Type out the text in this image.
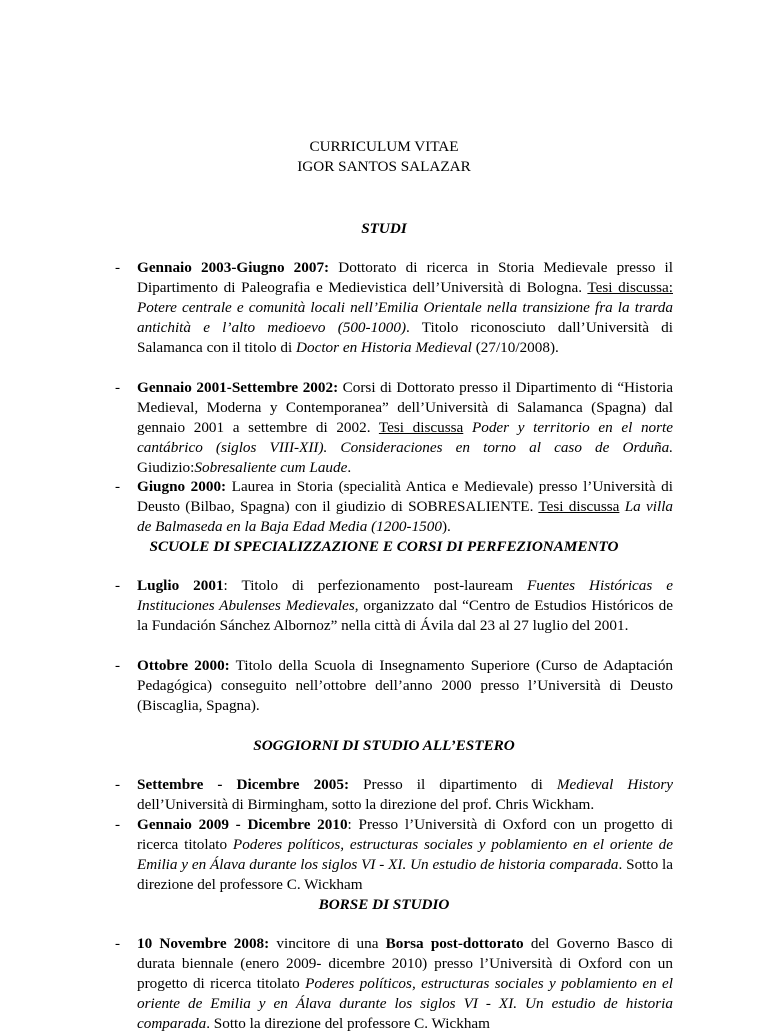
CURRICULUM VITAE
IGOR SANTOS SALAZAR
STUDI
- Gennaio 2003-Giugno 2007: Dottorato di ricerca in Storia Medievale presso il Dipartimento di Paleografia e Medievistica dell’Università di Bologna. Tesi discussa: Potere centrale e comunità locali nell’Emilia Orientale nella transizione fra la trarda antichità e l’alto medioevo (500-1000). Titolo riconosciuto dall’Università di Salamanca con il titolo di Doctor en Historia Medieval (27/10/2008).
- Gennaio 2001-Settembre 2002: Corsi di Dottorato presso il Dipartimento di “Historia Medieval, Moderna y Contemporanea” dell’Università di Salamanca (Spagna) dal gennaio 2001 a settembre di 2002. Tesi discussa Poder y territorio en el norte cantábrico (siglos VIII-XII). Consideraciones en torno al caso de Orduña. Giudizio:Sobresaliente cum Laude.
- Giugno 2000: Laurea in Storia (specialità Antica e Medievale) presso l’Università di Deusto (Bilbao, Spagna) con il giudizio di SOBRESALIENTE. Tesi discussa La villa de Balmaseda en la Baja Edad Media (1200-1500).
SCUOLE DI SPECIALIZZAZIONE E CORSI DI PERFEZIONAMENTO
- Luglio 2001: Titolo di perfezionamento post-lauream Fuentes Históricas e Instituciones Abulenses Medievales, organizzato dal “Centro de Estudios Históricos de la Fundación Sánchez Albornoz” nella città di Ávila dal 23 al 27 luglio del 2001.
- Ottobre 2000: Titolo della Scuola di Insegnamento Superiore (Curso de Adaptación Pedagógica) conseguito nell’ottobre dell’anno 2000 presso l’Università di Deusto (Biscaglia, Spagna).
SOGGIORNI DI STUDIO ALL’ESTERO
- Settembre - Dicembre 2005: Presso il dipartimento di Medieval History dell’Università di Birmingham, sotto la direzione del prof. Chris Wickham.
- Gennaio 2009 - Dicembre 2010: Presso l’Università di Oxford con un progetto di ricerca titolato Poderes políticos, estructuras sociales y poblamiento en el oriente de Emilia y en Álava durante los siglos VI - XI. Un estudio de historia comparada. Sotto la direzione del professore C. Wickham
BORSE DI STUDIO
- 10 Novembre 2008: vincitore di una Borsa post-dottorato del Governo Basco di durata biennale (enero 2009- dicembre 2010) presso l’Università di Oxford con un progetto di ricerca titolato Poderes políticos, estructuras sociales y poblamiento en el oriente de Emilia y en Álava durante los siglos VI - XI. Un estudio de historia comparada. Sotto la direzione del professore C. Wickham
